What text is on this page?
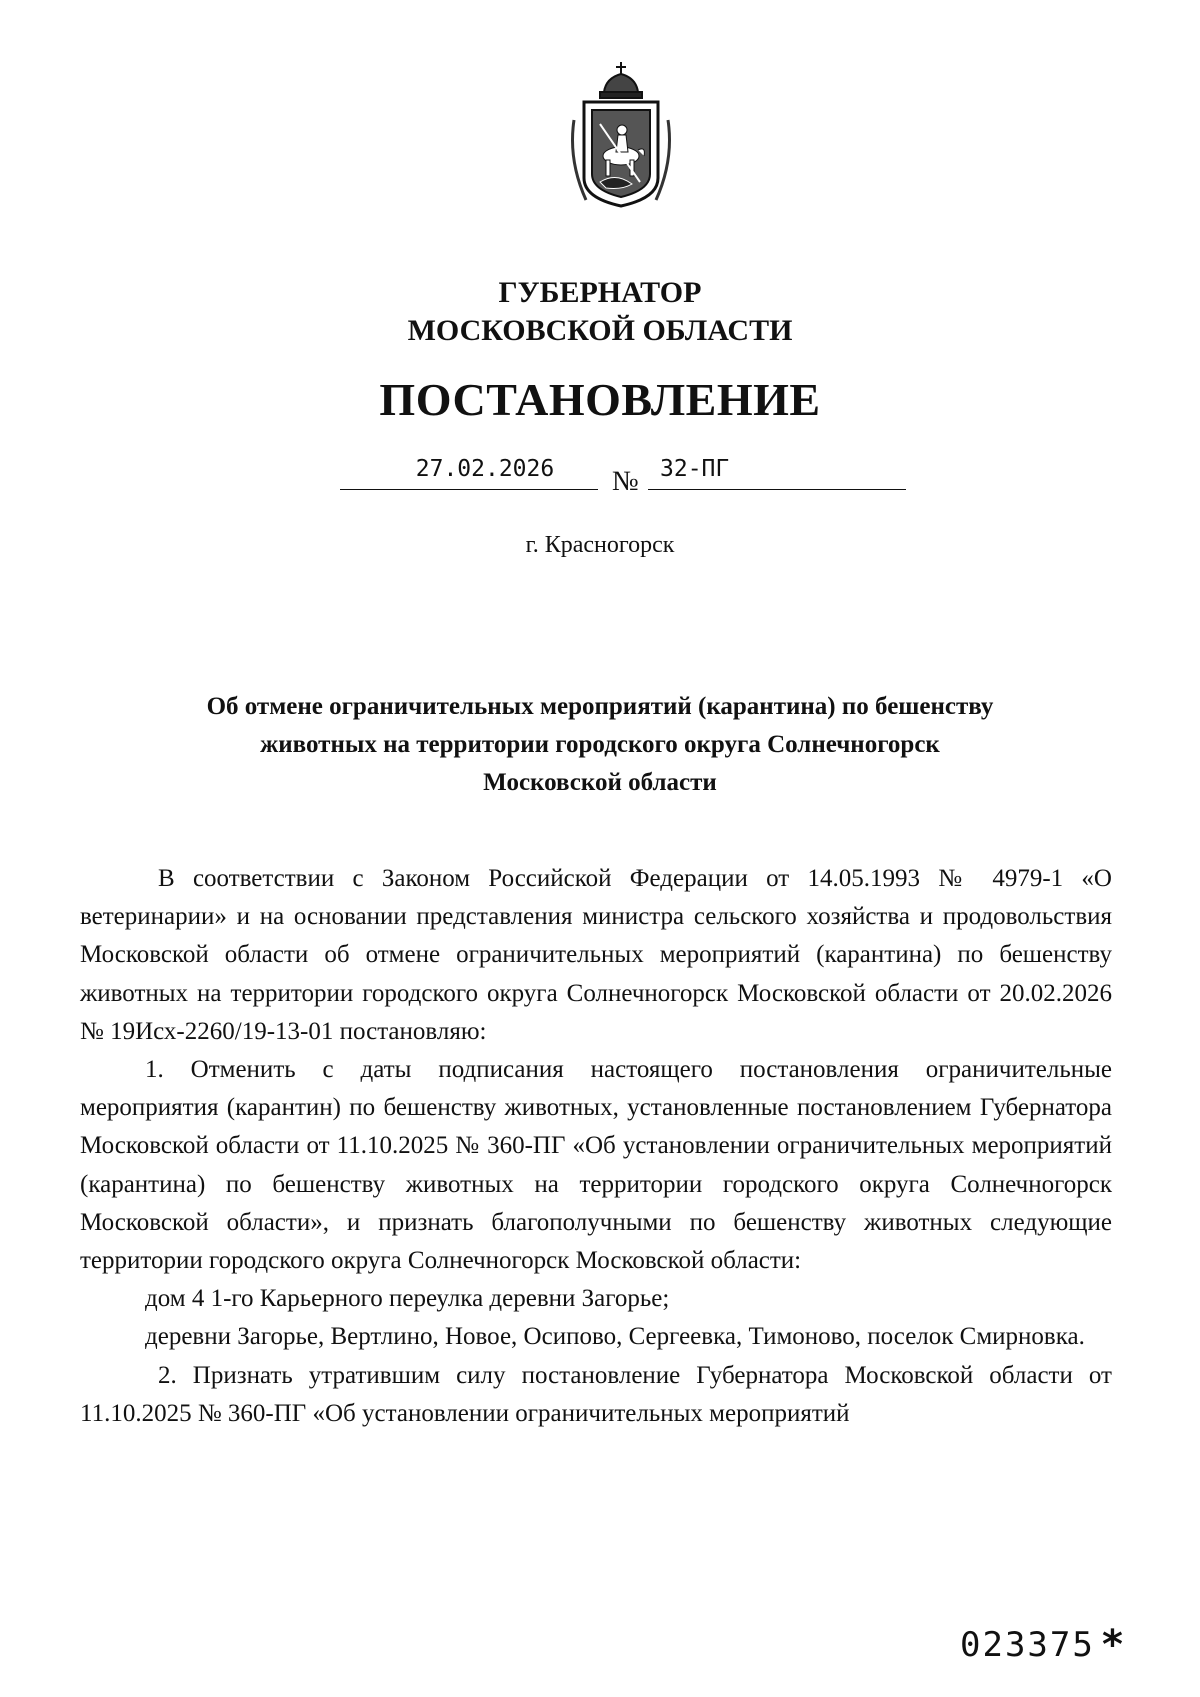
ГУБЕРНАТОР
МОСКОВСКОЙ ОБЛАСТИ
ПОСТАНОВЛЕНИЕ
27.02.2026	№ 32-ПГ
г. Красногорск
Об отмене ограничительных мероприятий (карантина) по бешенству
животных на территории городского округа Солнечногорск
Московской области

В соответствии с Законом Российской Федерации от 14.05.1993 № 4979-1 «О ветеринарии» и на основании представления министра сельского хозяйства и продовольствия Московской области об отмене ограничительных мероприятий (карантина) по бешенству животных на территории городского округа Солнечногорск Московской области от 20.02.2026 № 19Исх-2260/19-13-01 постановляю:

1. Отменить с даты подписания настоящего постановления ограничительные мероприятия (карантин) по бешенству животных, установленные постановлением Губернатора Московской области от 11.10.2025 № 360-ПГ «Об установлении ограничительных мероприятий (карантина) по бешенству животных на территории городского округа Солнечногорск Московской области», и признать благополучными по бешенству животных следующие территории городского округа Солнечногорск Московской области:

дом 4 1-го Карьерного переулка деревни Загорье;

деревни Загорье, Вертлино, Новое, Осипово, Сергеевка, Тимоново, поселок Смирновка.

2. Признать утратившим силу постановление Губернатора Московской области от 11.10.2025 № 360-ПГ «Об установлении ограничительных мероприятий

023375 *
